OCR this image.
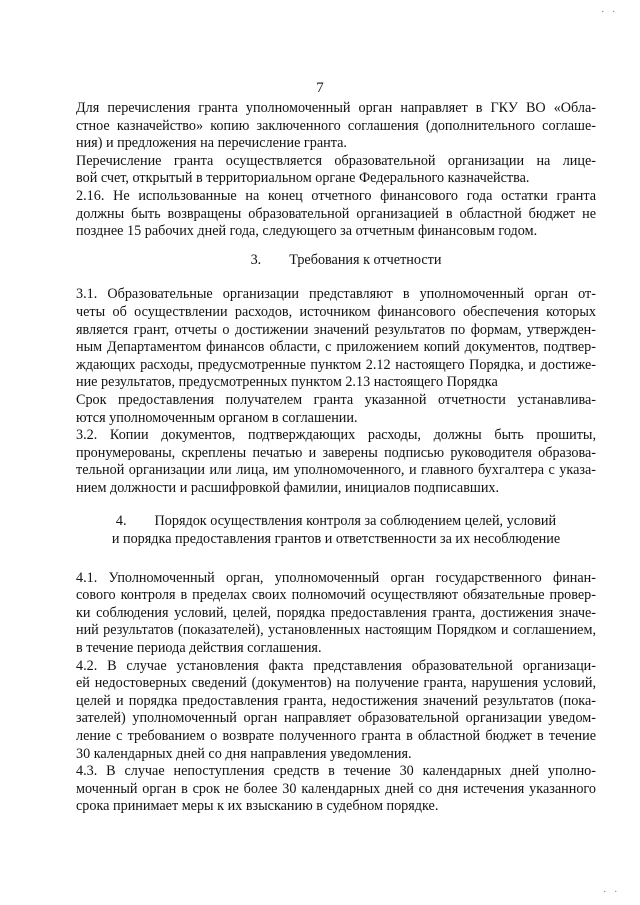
. .
7
Для перечисления гранта уполномоченный орган направляет в ГКУ ВО «Обла-
стное казначейство» копию заключенного соглашения (дополнительного соглаше-
ния) и предложения на перечисление гранта.
Перечисление гранта осуществляется образовательной организации на лице-
вой счет, открытый в территориальном органе Федерального казначейства.
2.16. Не использованные на конец отчетного финансового года остатки гранта
должны быть возвращены образовательной организацией в областной бюджет не
позднее 15 рабочих дней года, следующего за отчетным финансовым годом.
3. Требования к отчетности
3.1. Образовательные организации представляют в уполномоченный орган от-
четы об осуществлении расходов, источником финансового обеспечения которых
является грант, отчеты о достижении значений результатов по формам, утвержден-
ным Департаментом финансов области, с приложением копий документов, подтвер-
ждающих расходы, предусмотренные пунктом 2.12 настоящего Порядка, и достиже-
ние результатов, предусмотренных пунктом 2.13 настоящего Порядка
Срок предоставления получателем гранта указанной отчетности устанавлива-
ются уполномоченным органом в соглашении.
3.2. Копии документов, подтверждающих расходы, должны быть прошиты,
пронумерованы, скреплены печатью и заверены подписью руководителя образова-
тельной организации или лица, им уполномоченного, и главного бухгалтера с указа-
нием должности и расшифровкой фамилии, инициалов подписавших.
4. Порядок осуществления контроля за соблюдением целей, условий
и порядка предоставления грантов и ответственности за их несоблюдение
4.1. Уполномоченный орган, уполномоченный орган государственного финан-
сового контроля в пределах своих полномочий осуществляют обязательные провер-
ки соблюдения условий, целей, порядка предоставления гранта, достижения значе-
ний результатов (показателей), установленных настоящим Порядком и соглашением,
в течение периода действия соглашения.
4.2. В случае установления факта представления образовательной организаци-
ей недостоверных сведений (документов) на получение гранта, нарушения условий,
целей и порядка предоставления гранта, недостижения значений результатов (пока-
зателей) уполномоченный орган направляет образовательной организации уведом-
ление с требованием о возврате полученного гранта в областной бюджет в течение
30 календарных дней со дня направления уведомления.
4.3. В случае непоступления средств в течение 30 календарных дней уполно-
моченный орган в срок не более 30 календарных дней со дня истечения указанного
срока принимает меры к их взысканию в судебном порядке.
. .
